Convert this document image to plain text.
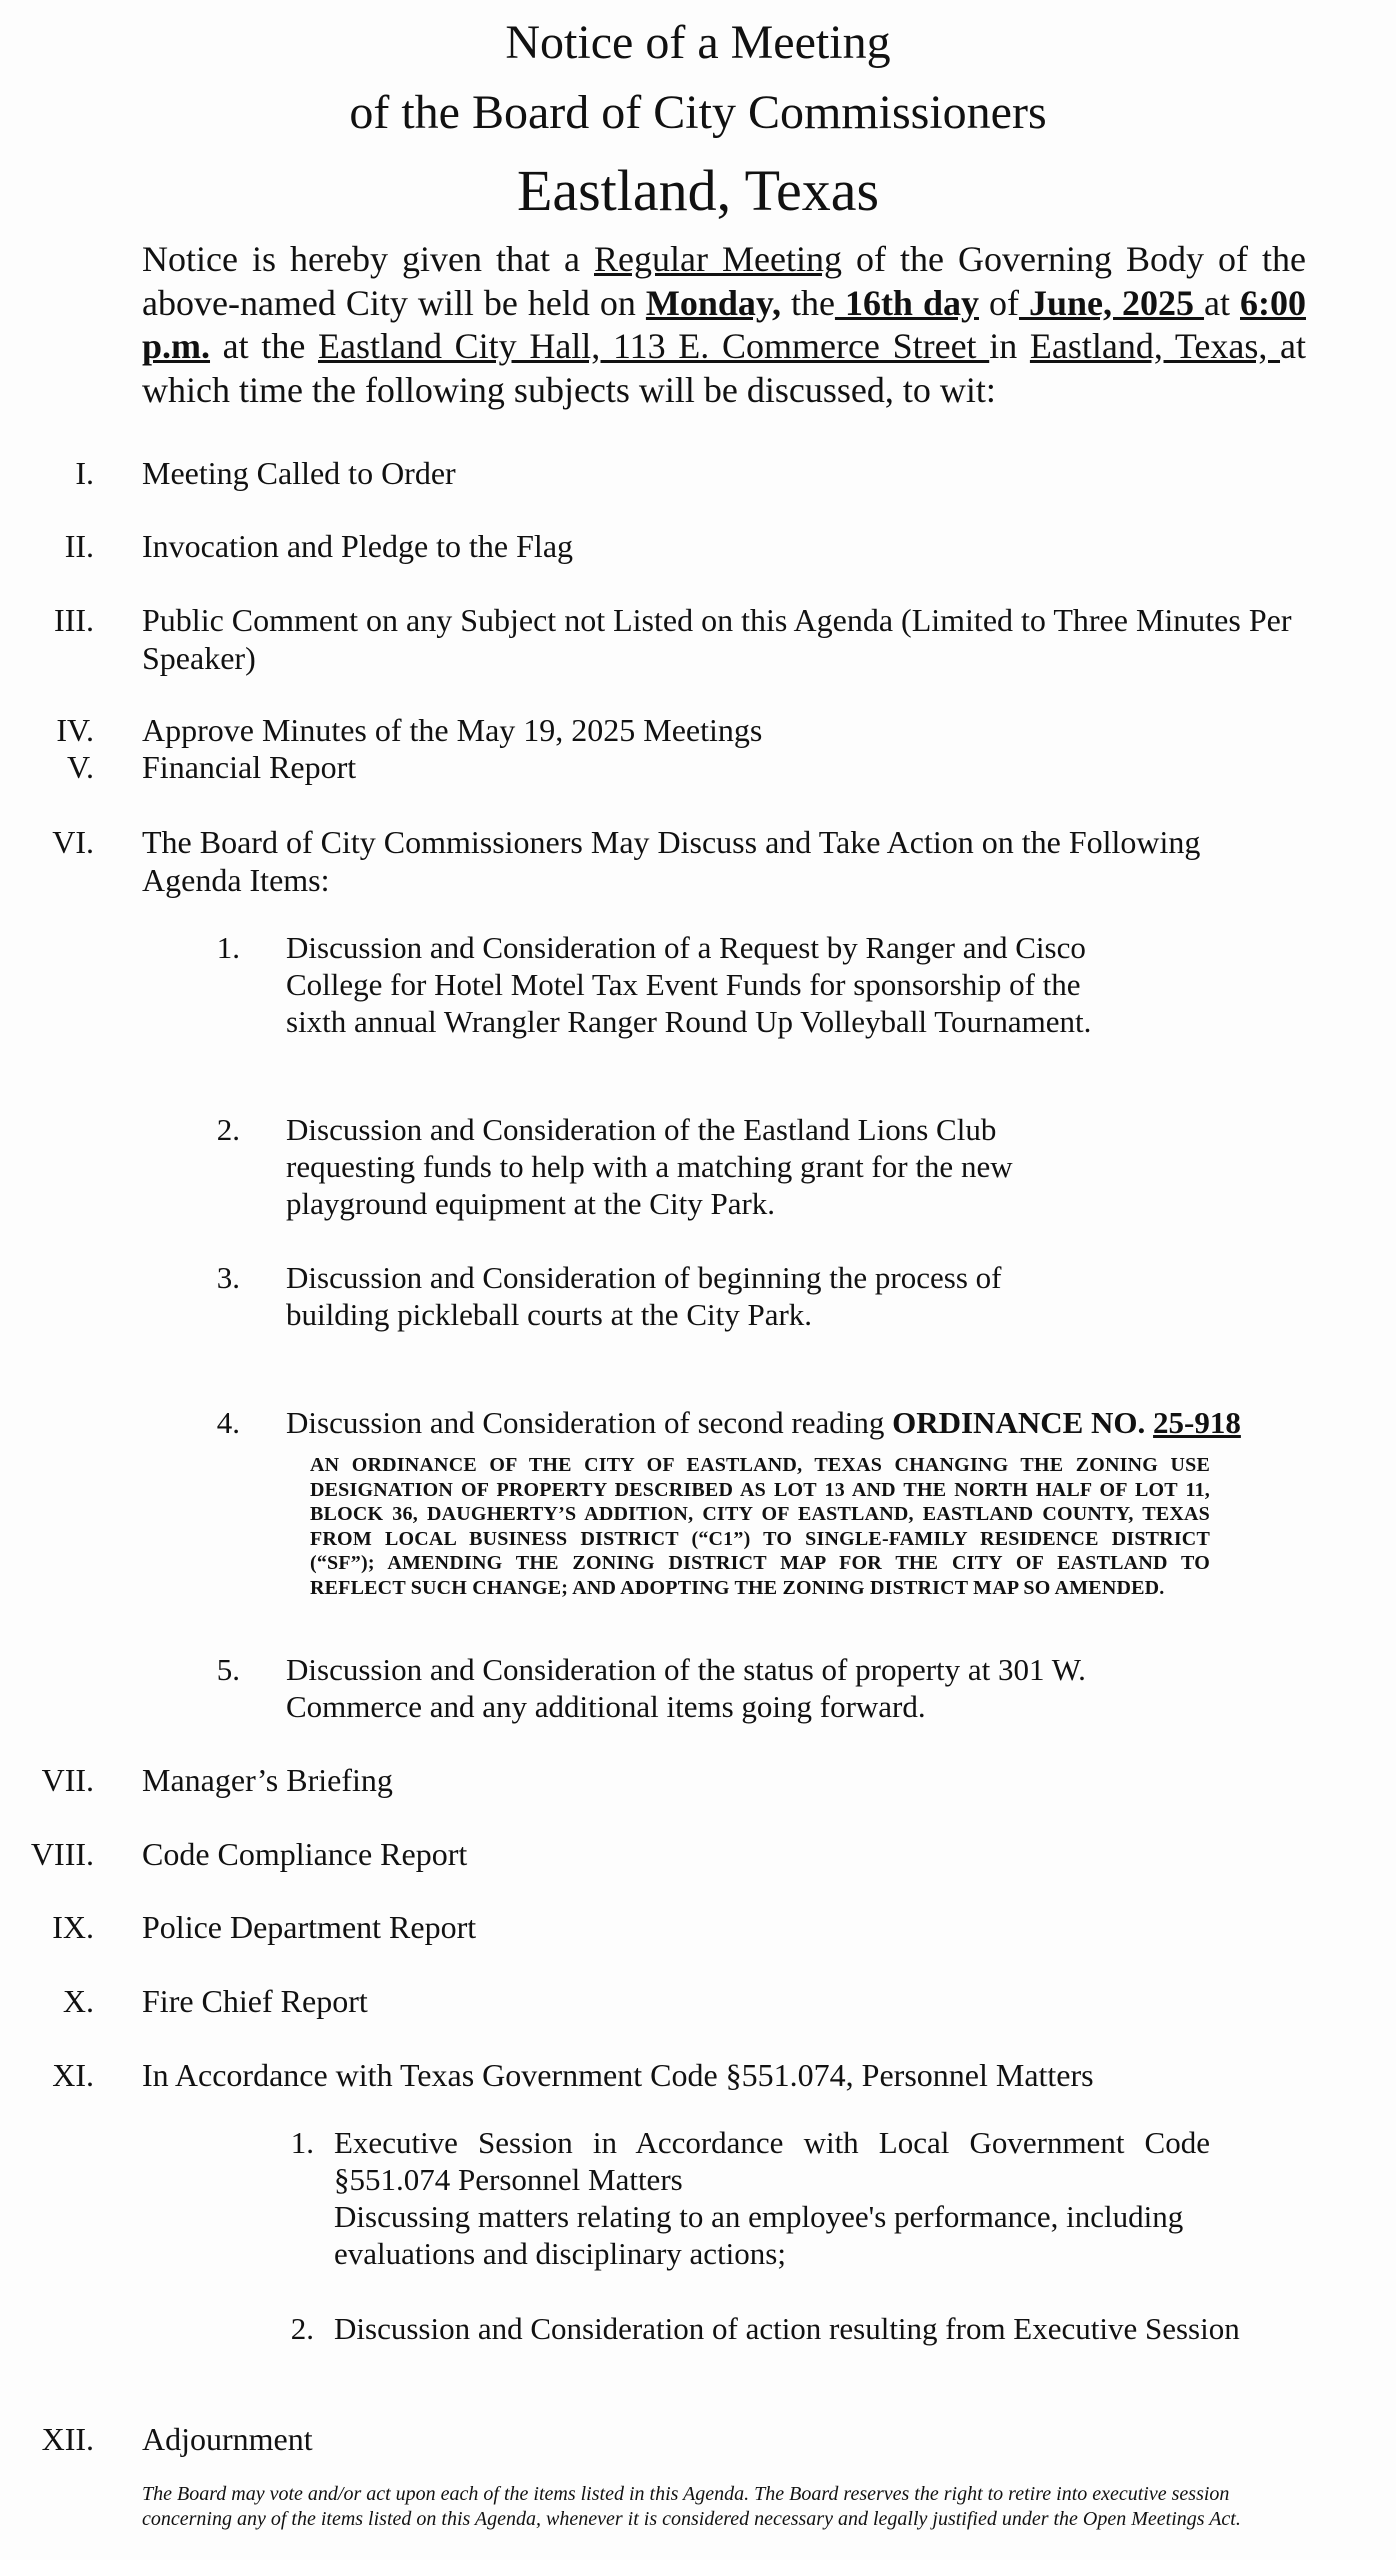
Notice of a Meeting
of the Board of City Commissioners
Eastland, Texas
Notice is hereby given that a Regular Meeting of the Governing Body of the above-named City will be held on Monday, the 16th day of June, 2025 at 6:00 p.m. at the Eastland City Hall, 113 E. Commerce Street in Eastland, Texas, at which time the following subjects will be discussed, to wit:
I. Meeting Called to Order
II. Invocation and Pledge to the Flag
III. Public Comment on any Subject not Listed on this Agenda (Limited to Three Minutes Per Speaker)
IV. Approve Minutes of the May 19, 2025 Meetings
V. Financial Report
VI. The Board of City Commissioners May Discuss and Take Action on the Following Agenda Items:
1. Discussion and Consideration of a Request by Ranger and Cisco College for Hotel Motel Tax Event Funds for sponsorship of the sixth annual Wrangler Ranger Round Up Volleyball Tournament.
2. Discussion and Consideration of the Eastland Lions Club requesting funds to help with a matching grant for the new playground equipment at the City Park.
3. Discussion and Consideration of beginning the process of building pickleball courts at the City Park.
4. Discussion and Consideration of second reading ORDINANCE NO. 25-918
AN ORDINANCE OF THE CITY OF EASTLAND, TEXAS CHANGING THE ZONING USE DESIGNATION OF PROPERTY DESCRIBED AS LOT 13 AND THE NORTH HALF OF LOT 11, BLOCK 36, DAUGHERTY’S ADDITION, CITY OF EASTLAND, EASTLAND COUNTY, TEXAS FROM LOCAL BUSINESS DISTRICT (“C1”) TO SINGLE-FAMILY RESIDENCE DISTRICT (“SF”); AMENDING THE ZONING DISTRICT MAP FOR THE CITY OF EASTLAND TO REFLECT SUCH CHANGE; AND ADOPTING THE ZONING DISTRICT MAP SO AMENDED.
5. Discussion and Consideration of the status of property at 301 W. Commerce and any additional items going forward.
VII. Manager’s Briefing
VIII. Code Compliance Report
IX. Police Department Report
X. Fire Chief Report
XI. In Accordance with Texas Government Code §551.074, Personnel Matters
1. Executive Session in Accordance with Local Government Code §551.074 Personnel Matters
Discussing matters relating to an employee's performance, including evaluations and disciplinary actions;
2. Discussion and Consideration of action resulting from Executive Session
XII. Adjournment
The Board may vote and/or act upon each of the items listed in this Agenda. The Board reserves the right to retire into executive session concerning any of the items listed on this Agenda, whenever it is considered necessary and legally justified under the Open Meetings Act.
